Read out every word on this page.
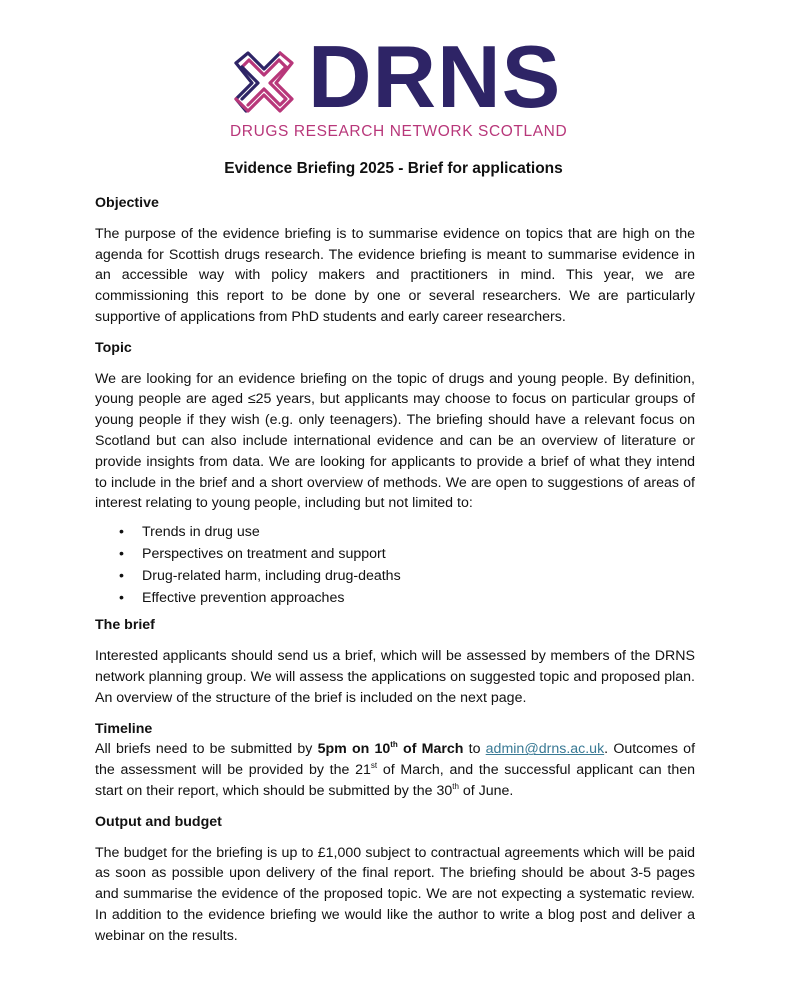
DRNS
DRUGS RESEARCH NETWORK SCOTLAND
Evidence Briefing 2025 - Brief for applications

Objective

The purpose of the evidence briefing is to summarise evidence on topics that are high on the agenda for Scottish drugs research. The evidence briefing is meant to summarise evidence in an accessible way with policy makers and practitioners in mind. This year, we are commissioning this report to be done by one or several researchers. We are particularly supportive of applications from PhD students and early career researchers.

Topic

We are looking for an evidence briefing on the topic of drugs and young people. By definition, young people are aged ≤25 years, but applicants may choose to focus on particular groups of young people if they wish (e.g. only teenagers). The briefing should have a relevant focus on Scotland but can also include international evidence and can be an overview of literature or provide insights from data. We are looking for applicants to provide a brief of what they intend to include in the brief and a short overview of methods. We are open to suggestions of areas of interest relating to young people, including but not limited to:

• Trends in drug use
• Perspectives on treatment and support
• Drug-related harm, including drug-deaths
• Effective prevention approaches

The brief

Interested applicants should send us a brief, which will be assessed by members of the DRNS network planning group. We will assess the applications on suggested topic and proposed plan. An overview of the structure of the brief is included on the next page.

Timeline

All briefs need to be submitted by 5pm on 10th of March to admin@drns.ac.uk. Outcomes of the assessment will be provided by the 21st of March, and the successful applicant can then start on their report, which should be submitted by the 30th of June.

Output and budget

The budget for the briefing is up to £1,000 subject to contractual agreements which will be paid as soon as possible upon delivery of the final report. The briefing should be about 3-5 pages and summarise the evidence of the proposed topic. We are not expecting a systematic review. In addition to the evidence briefing we would like the author to write a blog post and deliver a webinar on the results.
